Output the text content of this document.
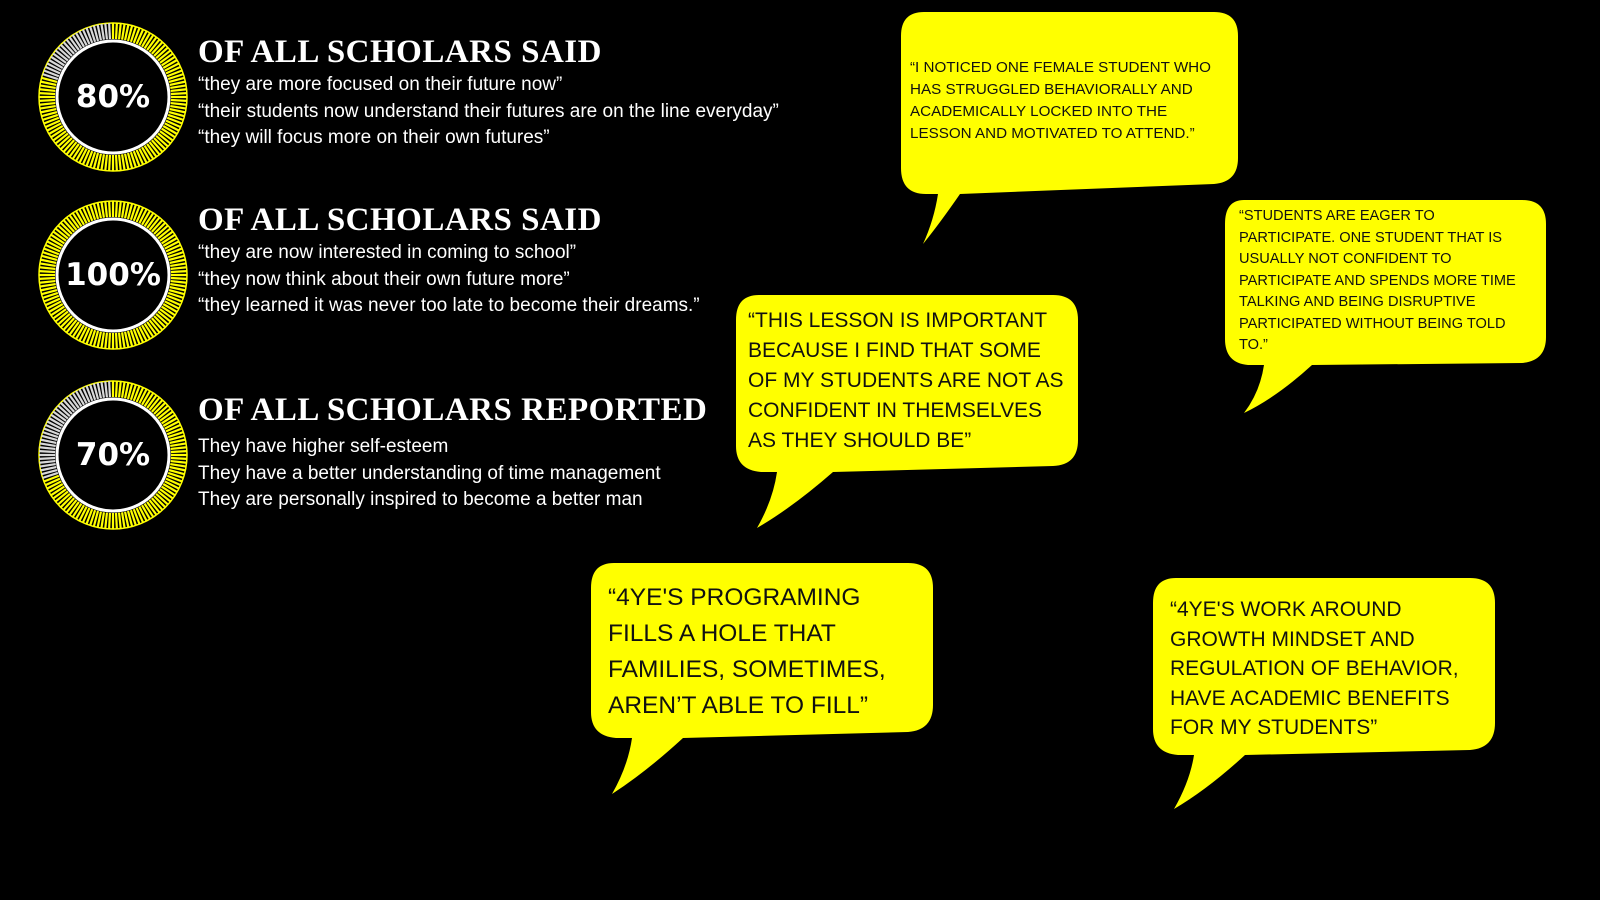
80%
OF ALL SCHOLARS SAID
“they are more focused on their future now”
“their students now understand their futures are on the line everyday”
“they will focus more on their own futures”
100%
OF ALL SCHOLARS SAID
“they are now interested in coming to school”
“they now think about their own future more”
“they learned it was never too late to become their dreams.”
70%
OF ALL SCHOLARS REPORTED
They have higher self-esteem
They have a better understanding of time management
They are personally inspired to become a better man
“I NOTICED ONE FEMALE STUDENT WHO
HAS STRUGGLED BEHAVIORALLY AND
ACADEMICALLY LOCKED INTO THE
LESSON AND MOTIVATED TO ATTEND.”
“STUDENTS ARE EAGER TO
PARTICIPATE. ONE STUDENT THAT IS
USUALLY NOT CONFIDENT TO
PARTICIPATE AND SPENDS MORE TIME
TALKING AND BEING DISRUPTIVE
PARTICIPATED WITHOUT BEING TOLD
TO.”
“THIS LESSON IS IMPORTANT
BECAUSE I FIND THAT SOME
OF MY STUDENTS ARE NOT AS
CONFIDENT IN THEMSELVES
AS THEY SHOULD BE”
“4YE'S PROGRAMING
FILLS A HOLE THAT
FAMILIES, SOMETIMES,
AREN’T ABLE TO FILL”
“4YE'S WORK AROUND
GROWTH MINDSET AND
REGULATION OF BEHAVIOR,
HAVE ACADEMIC BENEFITS
FOR MY STUDENTS”
